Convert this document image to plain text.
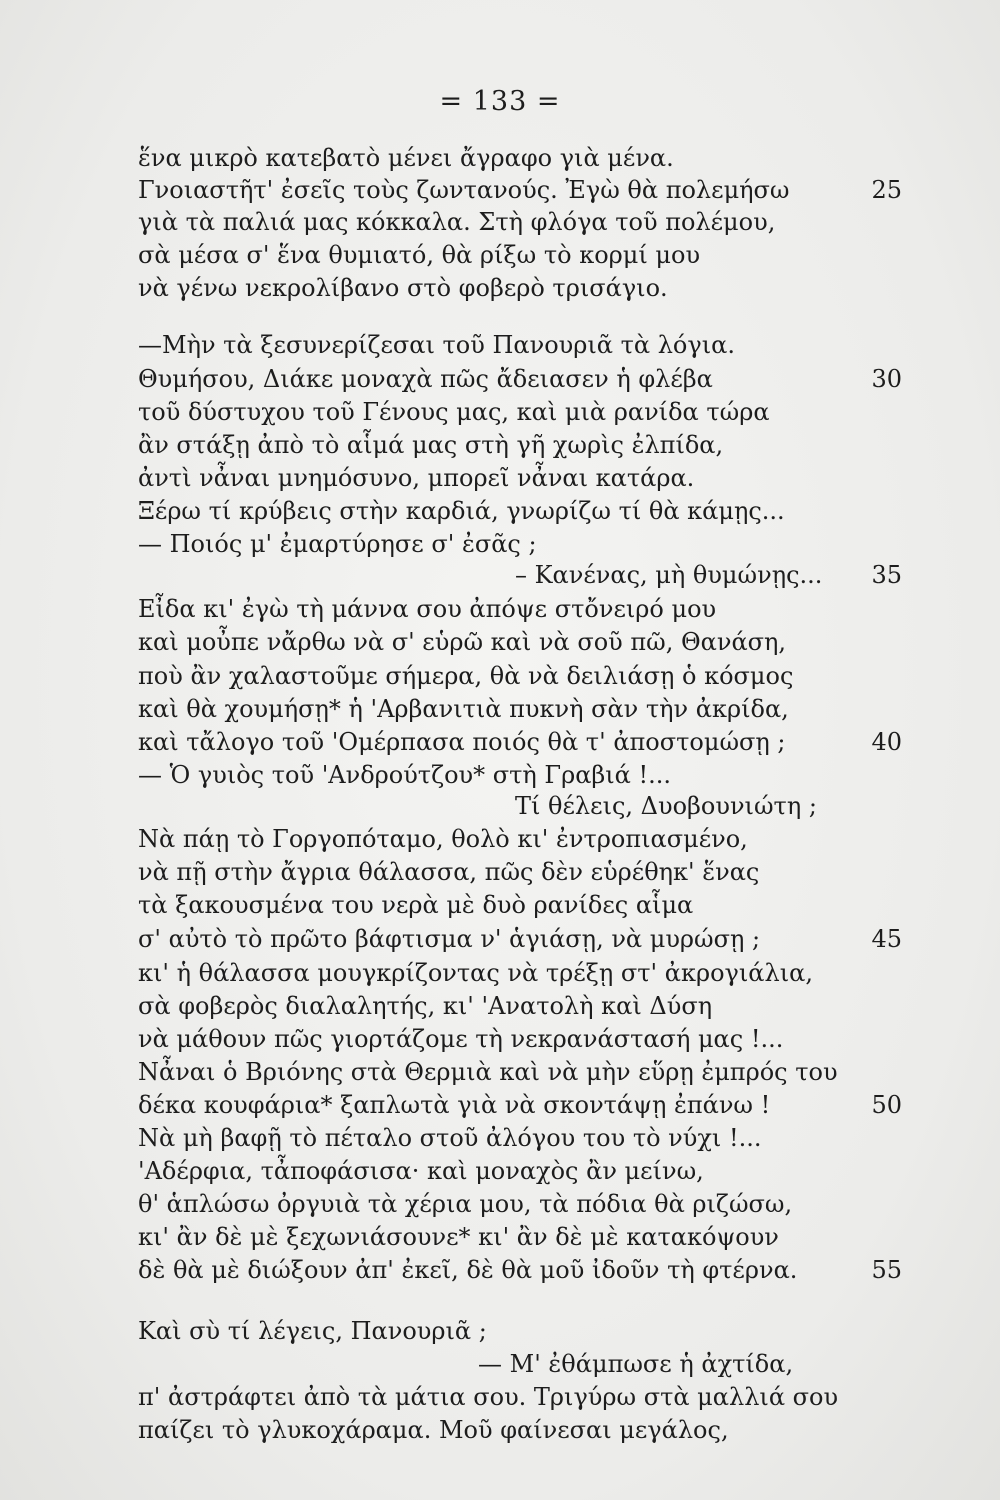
= 133 =
ἕνα μικρὸ κατεβατὸ μένει ἄγραφο γιὰ μένα.
Γνοιαστῆτ' ἐσεῖς τοὺς ζωντανούς. Ἐγὼ θὰ πολεμήσω
γιὰ τὰ παλιά μας κόκκαλα. Στὴ φλόγα τοῦ πολέμου,
σὰ μέσα σ' ἕνα θυμιατό, θὰ ρίξω τὸ κορμί μου
νὰ γένω νεκρολίβανο στὸ φοβερὸ τρισάγιο.
—Μὴν τὰ ξεσυνερίζεσαι τοῦ Πανουριᾶ τὰ λόγια.
Θυμήσου, Διάκε μοναχὰ πῶς ἄδειασεν ἡ φλέβα
τοῦ δύστυχου τοῦ Γένους μας, καὶ μιὰ ρανίδα τώρα
ἂν στάξῃ ἀπὸ τὸ αἷμά μας στὴ γῆ χωρὶς ἐλπίδα,
ἀντὶ νἆναι μνημόσυνο, μπορεῖ νἆναι κατάρα.
Ξέρω τί κρύβεις στὴν καρδιά, γνωρίζω τί θὰ κάμῃς...
— Ποιός μ' ἐμαρτύρησε σ' ἐσᾶς ;
– Κανένας, μὴ θυμώνῃς...
Εἶδα κι' ἐγὼ τὴ μάννα σου ἀπόψε στὄνειρό μου
καὶ μοὖπε νἄρθω νὰ σ' εὑρῶ καὶ νὰ σοῦ πῶ, Θανάση,
ποὺ ἂν χαλαστοῦμε σήμερα, θὰ νὰ δειλιάσῃ ὁ κόσμος
καὶ θὰ χουμήσῃ* ἡ 'Αρβανιτιὰ πυκνὴ σὰν τὴν ἀκρίδα,
καὶ τἄλογο τοῦ 'Ομέρπασα ποιός θὰ τ' ἀποστομώσῃ ;
— Ὁ γυιὸς τοῦ 'Ανδρούτζου* στὴ Γραβιά !...
Τί θέλεις, Δυοβουνιώτη ;
Νὰ πάῃ τὸ Γοργοπόταμο, θολὸ κι' ἐντροπιασμένο,
νὰ πῇ στὴν ἄγρια θάλασσα, πῶς δὲν εὑρέθηκ' ἕνας
τὰ ξακουσμένα του νερὰ μὲ δυὸ ρανίδες αἷμα
σ' αὐτὸ τὸ πρῶτο βάφτισμα ν' ἁγιάσῃ, νὰ μυρώσῃ ;
κι' ἡ θάλασσα μουγκρίζοντας νὰ τρέξῃ στ' ἀκρογιάλια,
σὰ φοβερὸς διαλαλητής, κι' 'Ανατολὴ καὶ Δύση
νὰ μάθουν πῶς γιορτάζομε τὴ νεκρανάστασή μας !...
Νἆναι ὁ Βριόνης στὰ Θερμιὰ καὶ νὰ μὴν εὕρῃ ἐμπρός του
δέκα κουφάρια* ξαπλωτὰ γιὰ νὰ σκοντάψῃ ἐπάνω !
Νὰ μὴ βαφῇ τὸ πέταλο στοῦ ἀλόγου του τὸ νύχι !...
'Αδέρφια, τἆποφάσισα· καὶ μοναχὸς ἂν μείνω,
θ' ἁπλώσω ὀργυιὰ τὰ χέρια μου, τὰ πόδια θὰ ριζώσω,
κι' ἂν δὲ μὲ ξεχωνιάσουνε* κι' ἂν δὲ μὲ κατακόψουν
δὲ θὰ μὲ διώξουν ἀπ' ἐκεῖ, δὲ θὰ μοῦ ἰδοῦν τὴ φτέρνα.
Καὶ σὺ τί λέγεις, Πανουριᾶ ;
— Μ' ἐθάμπωσε ἡ ἀχτίδα,
π' ἀστράφτει ἀπὸ τὰ μάτια σου. Τριγύρω στὰ μαλλιά σου
παίζει τὸ γλυκοχάραμα. Μοῦ φαίνεσαι μεγάλος,
25
30
35
40
45
50
55
